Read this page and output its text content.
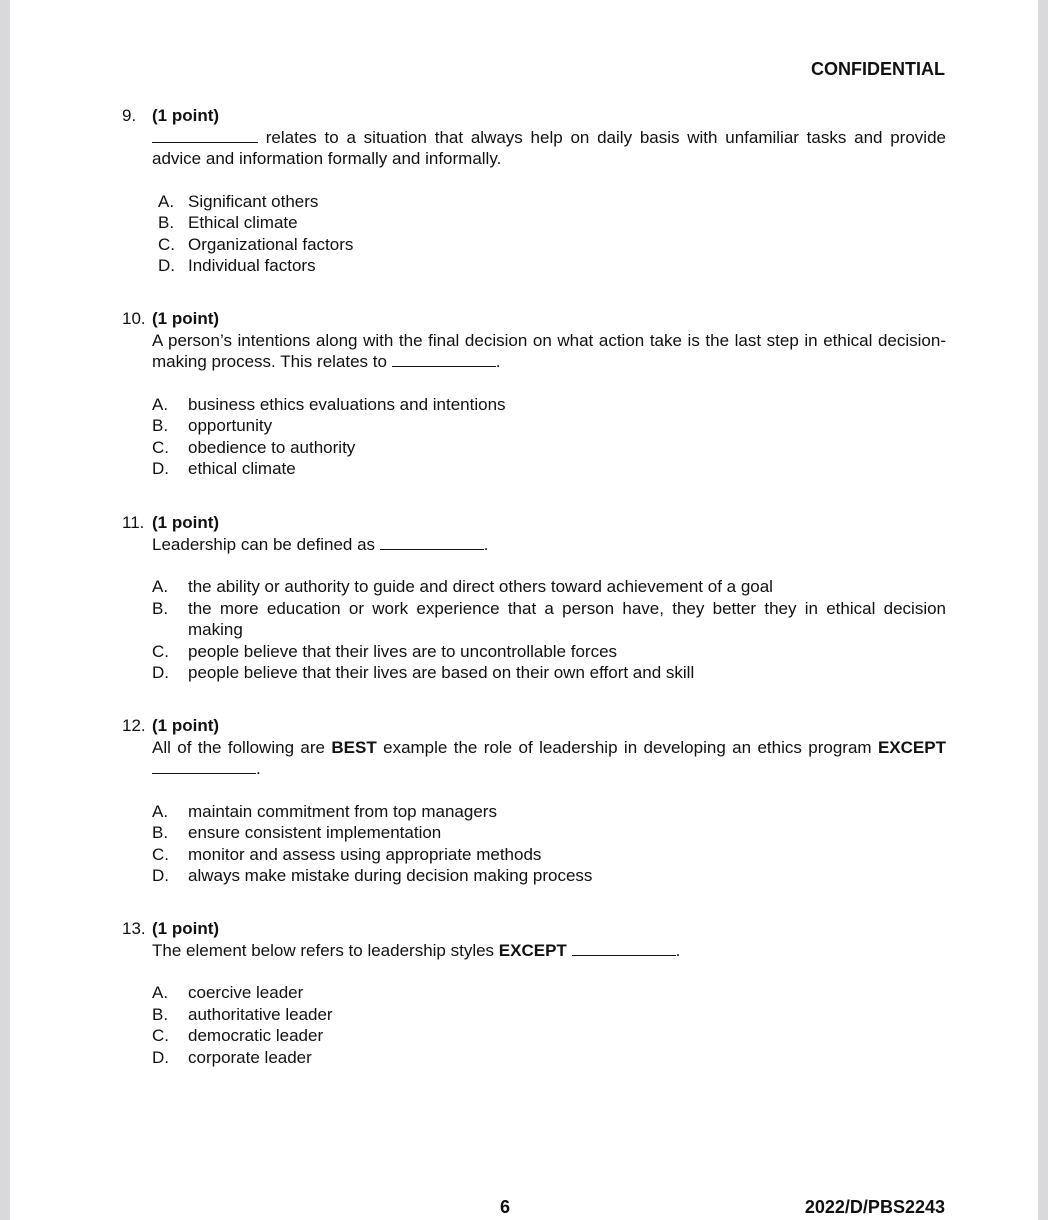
CONFIDENTIAL
9. (1 point)
relates to a situation that always help on daily basis with unfamiliar tasks and provide advice and information formally and informally.
A. Significant others
B. Ethical climate
C. Organizational factors
D. Individual factors
10. (1 point)
A person’s intentions along with the final decision on what action take is the last step in ethical decision-making process. This relates to	.
A.	business ethics evaluations and intentions
B.	opportunity
C.	obedience to authority
D.	ethical climate
11. (1 point)
Leadership can be defined as	.
A.	the ability or authority to guide and direct others toward achievement of a goal
B.	the more education or work experience that a person have, they better they in ethical decision making
C.	people believe that their lives are to uncontrollable forces
D.	people believe that their lives are based on their own effort and skill
12. (1 point)
All of the following are BEST example the role of leadership in developing an ethics program EXCEPT .
A.	maintain commitment from top managers
B.	ensure consistent implementation
C.	monitor and assess using appropriate methods
D.	always make mistake during decision making process
13. (1 point)
The element below refers to leadership styles EXCEPT	.
A.	coercive leader
B.	authoritative leader
C.	democratic leader
D.	corporate leader
6	2022/D/PBS2243
